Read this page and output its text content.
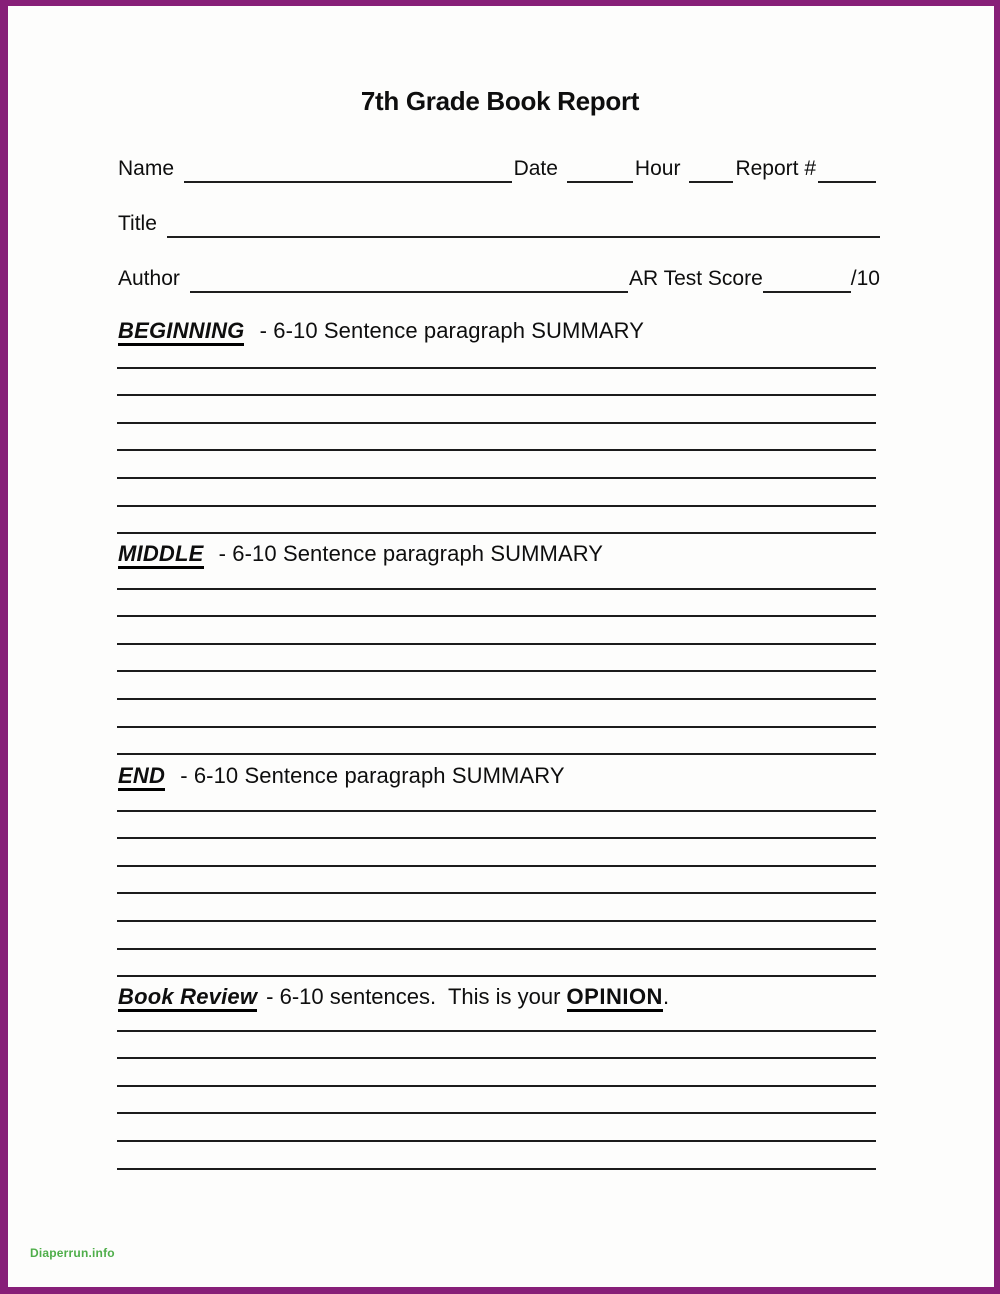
7th Grade Book Report
Name	Date	Hour	Report #
Title
Author	AR Test Score	/10
BEGINNING - 6-10 Sentence paragraph SUMMARY
MIDDLE - 6-10 Sentence paragraph SUMMARY
END - 6-10 Sentence paragraph SUMMARY
Book Review - 6-10 sentences.  This is your OPINION.
Diaperrun.info
